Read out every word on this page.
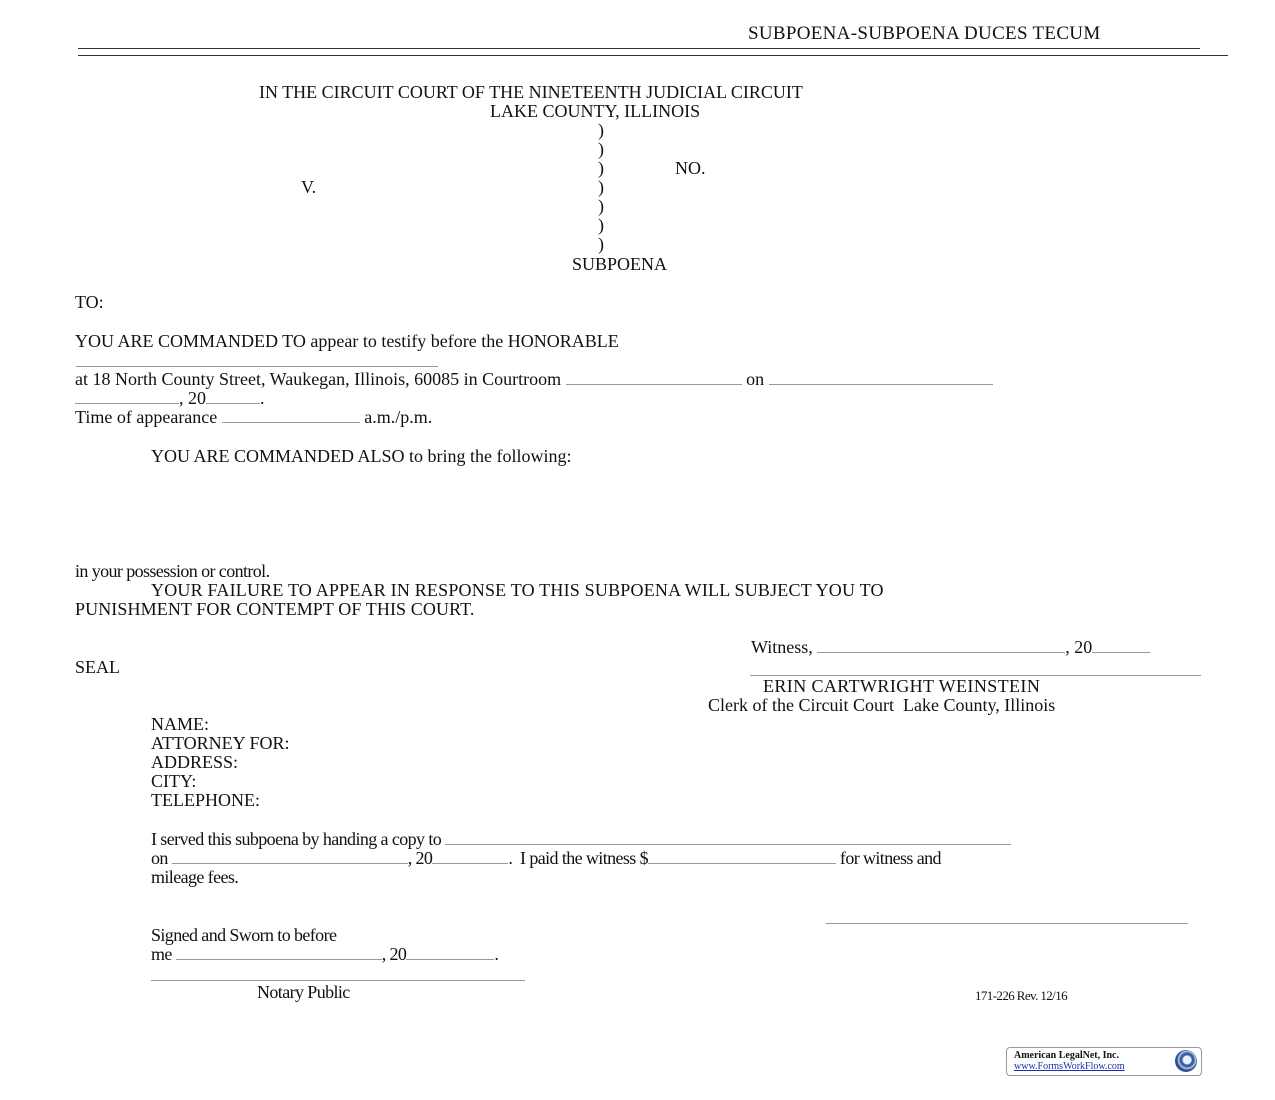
SUBPOENA-SUBPOENA DUCES TECUM
IN THE CIRCUIT COURT OF THE NINETEENTH JUDICIAL CIRCUIT
LAKE COUNTY, ILLINOIS
)
)
)
)
)
)
)
NO.
V.
SUBPOENA
TO:
YOU ARE COMMANDED TO appear to testify before the HONORABLE
at 18 North County Street, Waukegan, Illinois, 60085 in Courtroom	on
, 20	.
Time of appearance	a.m./p.m.
YOU ARE COMMANDED ALSO to bring the following:
in your possession or control.
YOUR FAILURE TO APPEAR IN RESPONSE TO THIS SUBPOENA WILL SUBJECT YOU TO
PUNISHMENT FOR CONTEMPT OF THIS COURT.
Witness,	, 20
SEAL
ERIN CARTWRIGHT WEINSTEIN
Clerk of the Circuit Court  Lake County, Illinois
NAME:
ATTORNEY FOR:
ADDRESS:
CITY:
TELEPHONE:
I served this subpoena by handing a copy to
on	, 20	.  I paid the witness $	for witness and
mileage fees.
Signed and Sworn to before
me	, 20	.
Notary Public	171-226 Rev. 12/16
American LegalNet, Inc.
www.FormsWorkFlow.com
